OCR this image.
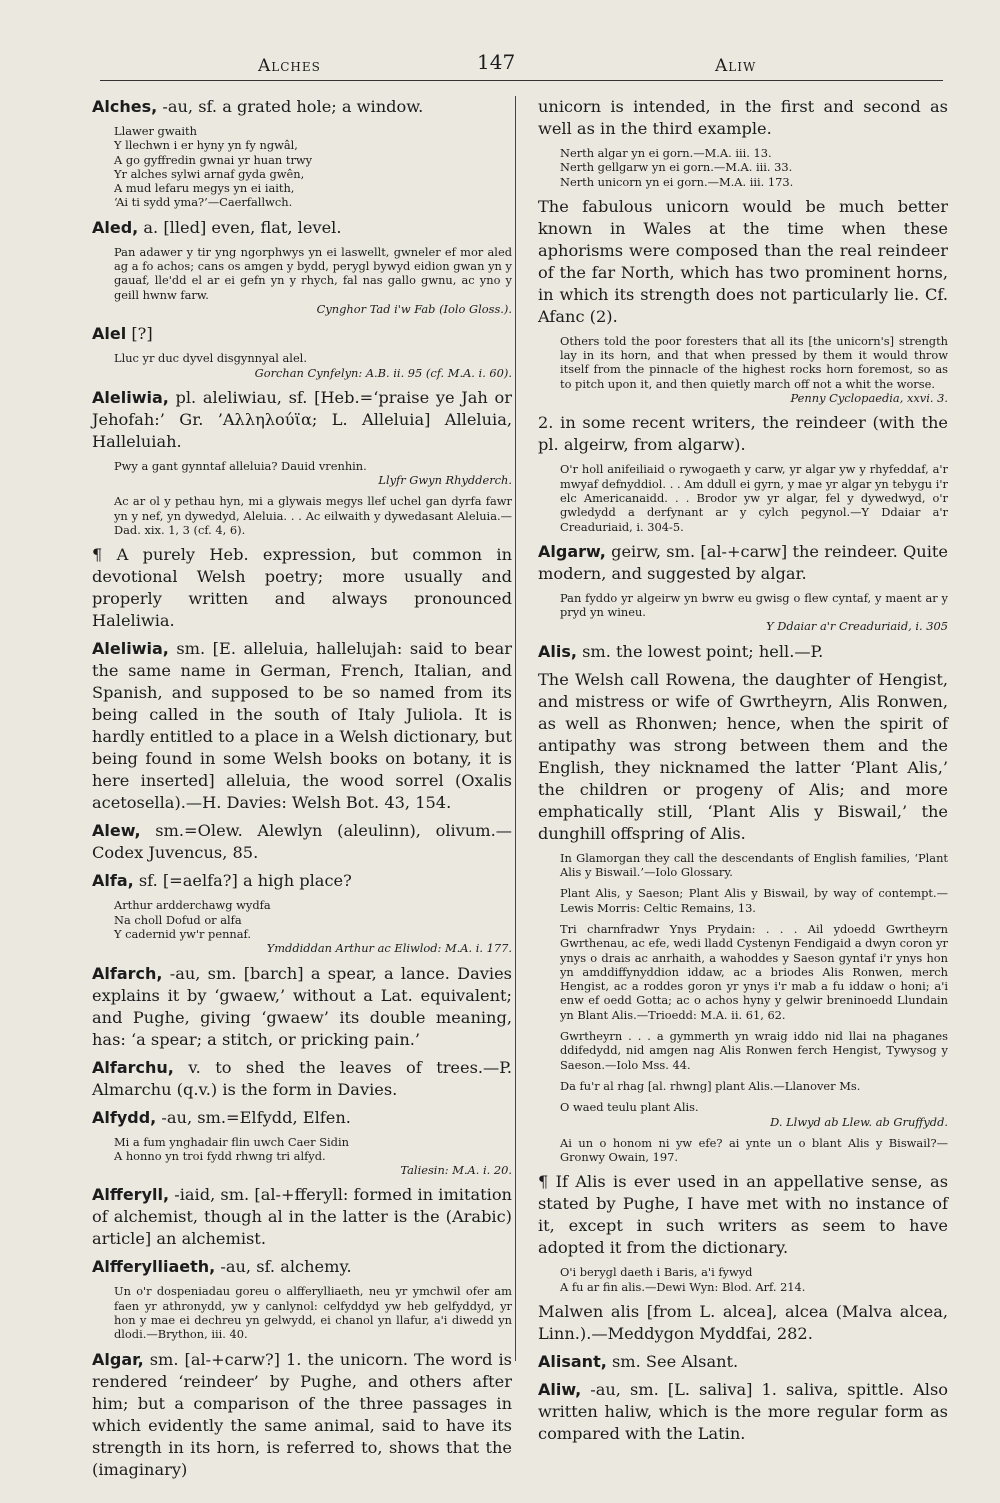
Alches	147	Aliw

Alches, -au, sf. a grated hole; a window.

Llawer gwaith
Y llechwn i er hyny yn fy ngwâl,
A go gyffredin gwnai yr huan trwy
Yr alches sylwi arnaf gyda gwên,
A mud lefaru megys yn ei iaith,
‘Ai ti sydd yma?’—Caerfallwch.

Aled, a. [lled] even, flat, level.

Pan adawer y tir yng ngorphwys yn ei laswellt, gwneler ef mor aled ag a fo achos; cans os amgen y bydd, perygl bywyd eidion gwan yn y gauaf, lle'dd el ar ei gefn yn y rhych, fal nas gallo gwnu, ac yno y geill hwnw farw.
Cynghor Tad i'w Fab (Iolo Gloss.).

Alel [?]

Lluc yr duc dyvel disgynnyal alel.
Gorchan Cynfelyn: A.B. ii. 95 (cf. M.A. i. 60).

Aleliwia, pl. aleliwiau, sf. [Heb.=‘praise ye Jah or Jehofah:’ Gr. ’Αλληλούϊα; L. Alleluia] Alleluia, Halleluiah.

Pwy a gant gynntaf alleluia? Dauid vrenhin.
Llyfr Gwyn Rhydderch.
Ac ar ol y pethau hyn, mi a glywais megys llef uchel gan dyrfa fawr yn y nef, yn dywedyd, Aleluia. . . Ac eilwaith y dywedasant Aleluia.—Dad. xix. 1, 3 (cf. 4, 6).

¶ A purely Heb. expression, but common in devotional Welsh poetry; more usually and properly written and always pronounced Haleliwia.

Aleliwia, sm. [E. alleluia, hallelujah: said to bear the same name in German, French, Italian, and Spanish, and supposed to be so named from its being called in the south of Italy Juliola. It is hardly entitled to a place in a Welsh dictionary, but being found in some Welsh books on botany, it is here inserted] alleluia, the wood sorrel (Oxalis acetosella).—H. Davies: Welsh Bot. 43, 154.

Alew, sm.=Olew. Alewlyn (aleulinn), olivum.—Codex Juvencus, 85.

Alfa, sf. [=aelfa?] a high place?

Arthur ardderchawg wydfa
Na choll Dofud or alfa
Y cadernid yw'r pennaf.
Ymddiddan Arthur ac Eliwlod: M.A. i. 177.

Alfarch, -au, sm. [barch] a spear, a lance. Davies explains it by ‘gwaew,’ without a Lat. equivalent; and Pughe, giving ‘gwaew’ its double meaning, has: ‘a spear; a stitch, or pricking pain.’

Alfarchu, v. to shed the leaves of trees.—P. Almarchu (q.v.) is the form in Davies.

Alfydd, -au, sm.=Elfydd, Elfen.

Mi a fum ynghadair flin uwch Caer Sidin
A honno yn troi fydd rhwng tri alfyd.
Taliesin: M.A. i. 20.

Alfferyll, -iaid, sm. [al-+fferyll: formed in imitation of alchemist, though al in the latter is the (Arabic) article] an alchemist.

Alfferylliaeth, -au, sf. alchemy.

Un o'r dospeniadau goreu o alfferylliaeth, neu yr ymchwil ofer am faen yr athronydd, yw y canlynol: celfyddyd yw heb gelfyddyd, yr hon y mae ei dechreu yn gelwydd, ei chanol yn llafur, a'i diwedd yn dlodi.—Brython, iii. 40.

Algar, sm. [al-+carw?] 1. the unicorn. The word is rendered ‘reindeer’ by Pughe, and others after him; but a comparison of the three passages in which evidently the same animal, said to have its strength in its horn, is referred to, shows that the (imaginary)

unicorn is intended, in the first and second as well as in the third example.

Nerth algar yn ei gorn.—M.A. iii. 13.
Nerth gellgarw yn ei gorn.—M.A. iii. 33.
Nerth unicorn yn ei gorn.—M.A. iii. 173.

The fabulous unicorn would be much better known in Wales at the time when these aphorisms were composed than the real reindeer of the far North, which has two prominent horns, in which its strength does not particularly lie. Cf. Afanc (2).

Others told the poor foresters that all its [the unicorn's] strength lay in its horn, and that when pressed by them it would throw itself from the pinnacle of the highest rocks horn foremost, so as to pitch upon it, and then quietly march off not a whit the worse.
Penny Cyclopaedia, xxvi. 3.

2. in some recent writers, the reindeer (with the pl. algeirw, from algarw).

O'r holl anifeiliaid o rywogaeth y carw, yr algar yw y rhyfeddaf, a'r mwyaf defnyddiol. . . Am ddull ei gyrn, y mae yr algar yn tebygu i'r elc Americanaidd. . . Brodor yw yr algar, fel y dywedwyd, o'r gwledydd a derfynant ar y cylch pegynol.—Y Ddaiar a'r Creaduriaid, i. 304-5.

Algarw, geirw, sm. [al-+carw] the reindeer. Quite modern, and suggested by algar.

Pan fyddo yr algeirw yn bwrw eu gwisg o flew cyntaf, y maent ar y pryd yn wineu.
Y Ddaiar a'r Creaduriaid, i. 305

Alis, sm. the lowest point; hell.—P.

The Welsh call Rowena, the daughter of Hengist, and mistress or wife of Gwrtheyrn, Alis Ronwen, as well as Rhonwen; hence, when the spirit of antipathy was strong between them and the English, they nicknamed the latter ‘Plant Alis,’ the children or progeny of Alis; and more emphatically still, ‘Plant Alis y Biswail,’ the dunghill offspring of Alis.

In Glamorgan they call the descendants of English families, ‘Plant Alis y Biswail.’—Iolo Glossary.
Plant Alis, y Saeson; Plant Alis y Biswail, by way of contempt.—Lewis Morris: Celtic Remains, 13.
Tri charnfradwr Ynys Prydain: . . . Ail ydoedd Gwrtheyrn Gwrthenau, ac efe, wedi lladd Cystenyn Fendigaid a dwyn coron yr ynys o drais ac anrhaith, a wahoddes y Saeson gyntaf i'r ynys hon yn amddiffynyddion iddaw, ac a briodes Alis Ronwen, merch Hengist, ac a roddes goron yr ynys i'r mab a fu iddaw o honi; a'i enw ef oedd Gotta; ac o achos hyny y gelwir breninoedd Llundain yn Blant Alis.—Trioedd: M.A. ii. 61, 62.
Gwrtheyrn . . . a gymmerth yn wraig iddo nid llai na phaganes ddifedydd, nid amgen nag Alis Ronwen ferch Hengist, Tywysog y Saeson.—Iolo Mss. 44.
Da fu'r al rhag [al. rhwng] plant Alis.—Llanover Ms.
O waed teulu plant Alis.
D. Llwyd ab Llew. ab Gruffydd.
Ai un o honom ni yw efe? ai ynte un o blant Alis y Biswail?—Gronwy Owain, 197.

¶ If Alis is ever used in an appellative sense, as stated by Pughe, I have met with no instance of it, except in such writers as seem to have adopted it from the dictionary.

O'i berygl daeth i Baris, a'i fywyd
A fu ar fin alis.—Dewi Wyn: Blod. Arf. 214.

Malwen alis [from L. alcea], alcea (Malva alcea, Linn.).—Meddygon Myddfai, 282.

Alisant, sm. See Alsant.

Aliw, -au, sm. [L. saliva] 1. saliva, spittle. Also written haliw, which is the more regular form as compared with the Latin.
